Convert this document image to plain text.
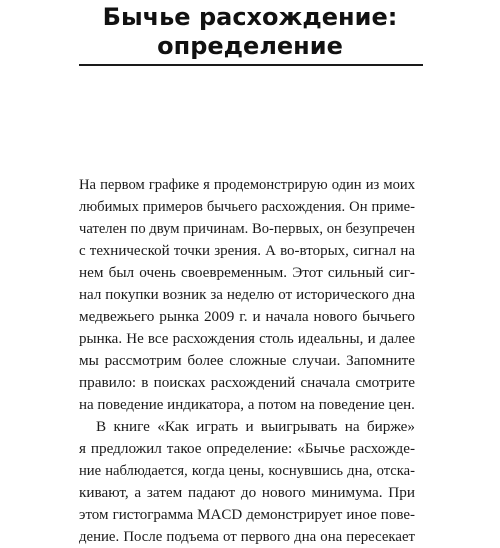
Бычье расхождение:
определение
На первом графике я продемонстрирую один из моих
любимых примеров бычьего расхождения. Он приме-
чателен по двум причинам. Во-первых, он безупречен
с технической точки зрения. А во-вторых, сигнал на
нем был очень своевременным. Этот сильный сиг-
нал покупки возник за неделю от исторического дна
медвежьего рынка 2009 г. и начала нового бычьего
рынка. Не все расхождения столь идеальны, и далее
мы рассмотрим более сложные случаи. Запомните
правило: в поисках расхождений сначала смотрите
на поведение индикатора, а потом на поведение цен.
В книге «Как играть и выигрывать на бирже»
я предложил такое определение: «Бычье расхожде-
ние наблюдается, когда цены, коснувшись дна, отска-
кивают, а затем падают до нового минимума. При
этом гистограмма MACD демонстрирует иное пове-
дение. После подъема от первого дна она пересекает
